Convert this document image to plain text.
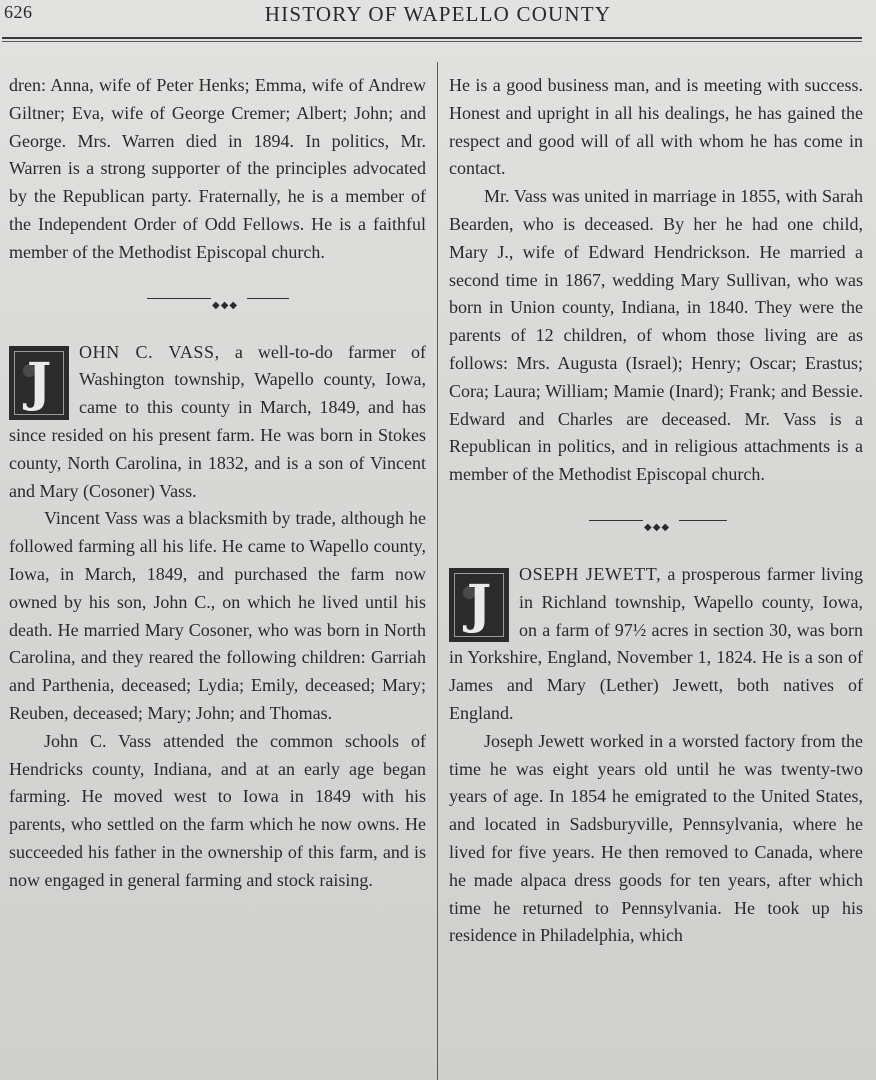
626	HISTORY OF WAPELLO COUNTY

dren: Anna, wife of Peter Henks; Emma, wife of Andrew Giltner; Eva, wife of George Cremer; Albert; John; and George. Mrs. Warren died in 1894. In politics, Mr. Warren is a strong supporter of the principles advocated by the Republican party. Fraternally, he is a member of the Independent Order of Odd Fellows. He is a faithful member of the Methodist Episcopal church.

◆◆◆

J OHN C. VASS, a well-to-do farmer of Washington township, Wapello county, Iowa, came to this county in March, 1849, and has since resided on his present farm. He was born in Stokes county, North Carolina, in 1832, and is a son of Vincent and Mary (Cosoner) Vass.

Vincent Vass was a blacksmith by trade, although he followed farming all his life. He came to Wapello county, Iowa, in March, 1849, and purchased the farm now owned by his son, John C., on which he lived until his death. He married Mary Cosoner, who was born in North Carolina, and they reared the following children: Garriah and Parthenia, deceased; Lydia; Emily, deceased; Mary; Reuben, deceased; Mary; John; and Thomas.

John C. Vass attended the common schools of Hendricks county, Indiana, and at an early age began farming. He moved west to Iowa in 1849 with his parents, who settled on the farm which he now owns. He succeeded his father in the ownership of this farm, and is now engaged in general farming and stock raising.

He is a good business man, and is meeting with success. Honest and upright in all his dealings, he has gained the respect and good will of all with whom he has come in contact.

Mr. Vass was united in marriage in 1855, with Sarah Bearden, who is deceased. By her he had one child, Mary J., wife of Edward Hendrickson. He married a second time in 1867, wedding Mary Sullivan, who was born in Union county, Indiana, in 1840. They were the parents of 12 children, of whom those living are as follows: Mrs. Augusta (Israel); Henry; Oscar; Erastus; Cora; Laura; William; Mamie (Inard); Frank; and Bessie. Edward and Charles are deceased. Mr. Vass is a Republican in politics, and in religious attachments is a member of the Methodist Episcopal church.

◆◆◆

J OSEPH JEWETT, a prosperous farmer living in Richland township, Wapello county, Iowa, on a farm of 97½ acres in section 30, was born in Yorkshire, England, November 1, 1824. He is a son of James and Mary (Lether) Jewett, both natives of England.

Joseph Jewett worked in a worsted factory from the time he was eight years old until he was twenty-two years of age. In 1854 he emigrated to the United States, and located in Sadsburyville, Pennsylvania, where he lived for five years. He then removed to Canada, where he made alpaca dress goods for ten years, after which time he returned to Pennsylvania. He took up his residence in Philadelphia, which
